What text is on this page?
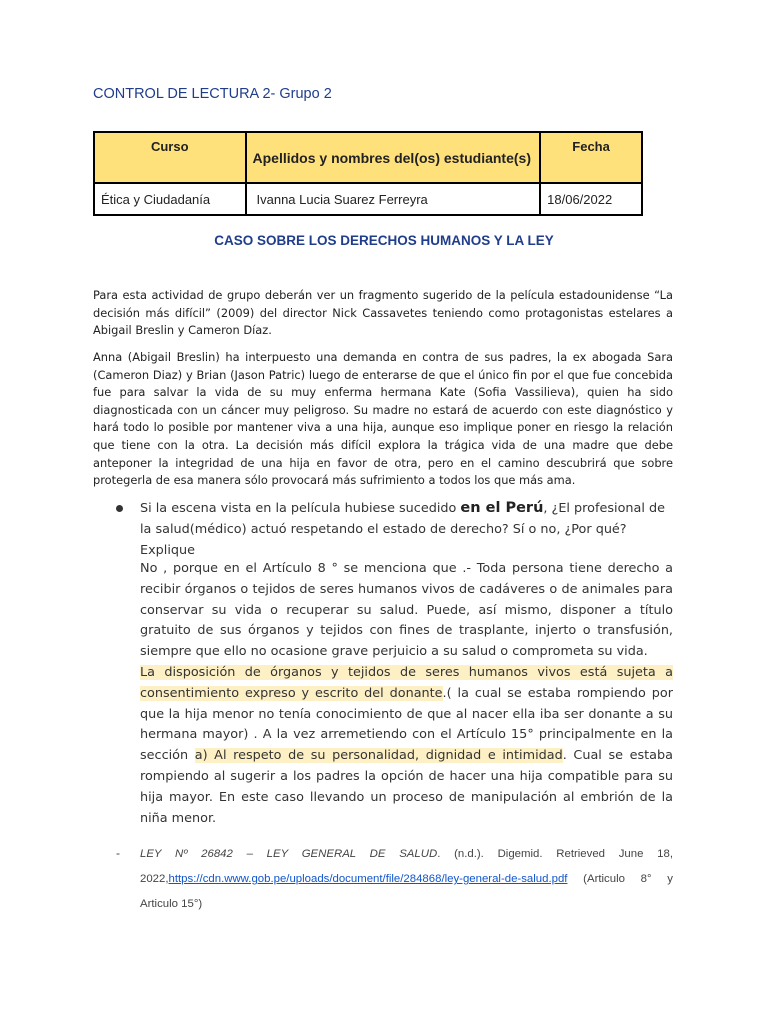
CONTROL DE LECTURA 2- Grupo 2
Curso	Apellidos y nombres del(os) estudiante(s)	Fecha
Ética y Ciudadanía	Ivanna Lucia Suarez Ferreyra	18/06/2022
CASO SOBRE LOS DERECHOS HUMANOS Y LA LEY
Para esta actividad de grupo deberán ver un fragmento sugerido de la película estadounidense “La decisión más difícil” (2009) del director Nick Cassavetes teniendo como protagonistas estelares a Abigail Breslin y Cameron Díaz.
Anna (Abigail Breslin) ha interpuesto una demanda en contra de sus padres, la ex abogada Sara (Cameron Diaz) y Brian (Jason Patric) luego de enterarse de que el único fin por el que fue concebida fue para salvar la vida de su muy enferma hermana Kate (Sofia Vassilieva), quien ha sido diagnosticada con un cáncer muy peligroso. Su madre no estará de acuerdo con este diagnóstico y hará todo lo posible por mantener viva a una hija, aunque eso implique poner en riesgo la relación que tiene con la otra. La decisión más difícil explora la trágica vida de una madre que debe anteponer la integridad de una hija en favor de otra, pero en el camino descubrirá que sobre protegerla de esa manera sólo provocará más sufrimiento a todos los que más ama.
Si la escena vista en la película hubiese sucedido en el Perú, ¿El profesional de la salud(médico) actuó respetando el estado de derecho? Sí o no, ¿Por qué? Explique
No , porque en el Artículo 8 ° se menciona que .- Toda persona tiene derecho a recibir órganos o tejidos de seres humanos vivos de cadáveres o de animales para conservar su vida o recuperar su salud. Puede, así mismo, disponer a título gratuito de sus órganos y tejidos con fines de trasplante, injerto o transfusión, siempre que ello no ocasione grave perjuicio a su salud o comprometa su vida.
La disposición de órganos y tejidos de seres humanos vivos está sujeta a consentimiento expreso y escrito del donante.( la cual se estaba rompiendo por que la hija menor no tenía conocimiento de que al nacer ella iba ser donante a su hermana mayor) . A la vez arremetiendo con el Artículo 15° principalmente en la sección a) Al respeto de su personalidad, dignidad e intimidad. Cual se estaba rompiendo al sugerir a los padres la opción de hacer una hija compatible para su hija mayor. En este caso llevando un proceso de manipulación al embrión de la niña menor.
- LEY Nº 26842 – LEY GENERAL DE SALUD. (n.d.). Digemid. Retrieved June 18, 2022,https://cdn.www.gob.pe/uploads/document/file/284868/ley-general-de-salud.pdf (Articulo 8° y Articulo 15°)
